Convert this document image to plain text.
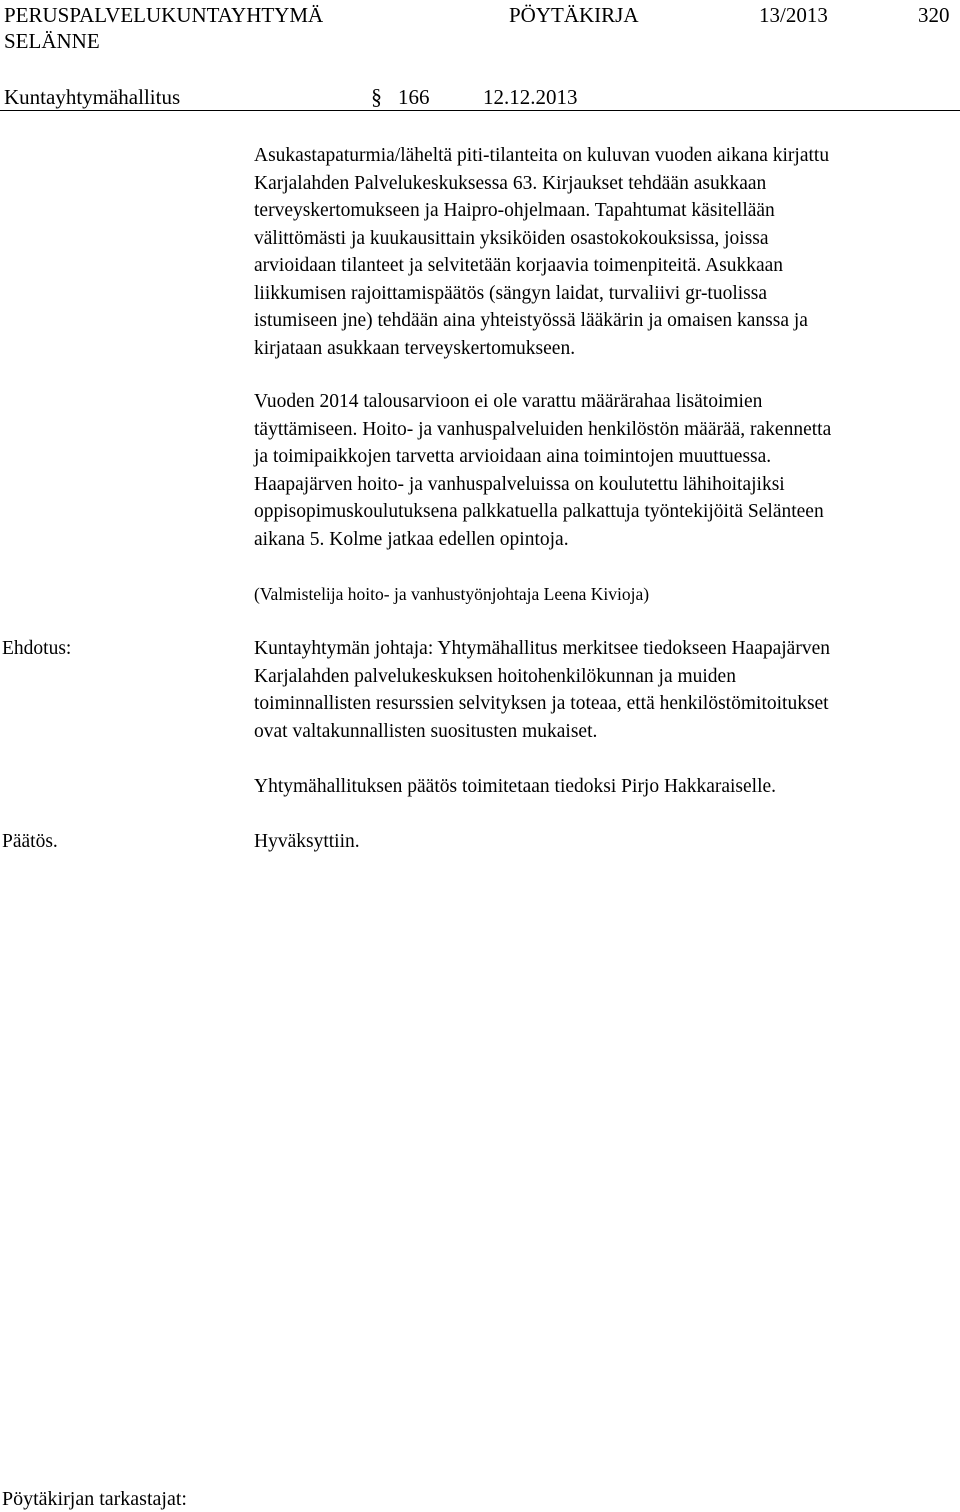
PERUSPALVELUKUNTAYHTYMÄ
SELÄNNE
PÖYTÄKIRJA	13/2013	320
Kuntayhtymähallitus	§ 166	12.12.2013
Asukastapaturmia/läheltä piti-tilanteita on kuluvan vuoden aikana kirjattu
Karjalahden Palvelukeskuksessa 63. Kirjaukset tehdään asukkaan
terveyskertomukseen ja Haipro-ohjelmaan. Tapahtumat käsitellään
välittömästi ja kuukausittain yksiköiden osastokokouksissa, joissa
arvioidaan tilanteet ja selvitetään korjaavia toimenpiteitä. Asukkaan
liikkumisen rajoittamispäätös (sängyn laidat, turvaliivi gr-tuolissa
istumiseen jne) tehdään aina yhteistyössä lääkärin ja omaisen kanssa ja
kirjataan asukkaan terveyskertomukseen.
Vuoden 2014 talousarvioon ei ole varattu määrärahaa lisätoimien
täyttämiseen. Hoito- ja vanhuspalveluiden henkilöstön määrää, rakennetta
ja toimipaikkojen tarvetta arvioidaan aina toimintojen muuttuessa.
Haapajärven hoito- ja vanhuspalveluissa on koulutettu lähihoitajiksi
oppisopimuskoulutuksena palkkatuella palkattuja työntekijöitä Selänteen
aikana 5. Kolme jatkaa edellen opintoja.
(Valmistelija hoito- ja vanhustyönjohtaja Leena Kivioja)
Ehdotus:	Kuntayhtymän johtaja: Yhtymähallitus merkitsee tiedokseen Haapajärven
Karjalahden palvelukeskuksen hoitohenkilökunnan ja muiden
toiminnallisten resurssien selvityksen ja toteaa, että henkilöstömitoitukset
ovat valtakunnallisten suositusten mukaiset.
Yhtymähallituksen päätös toimitetaan tiedoksi Pirjo Hakkaraiselle.
Päätös.	Hyväksyttiin.
Pöytäkirjan tarkastajat:
